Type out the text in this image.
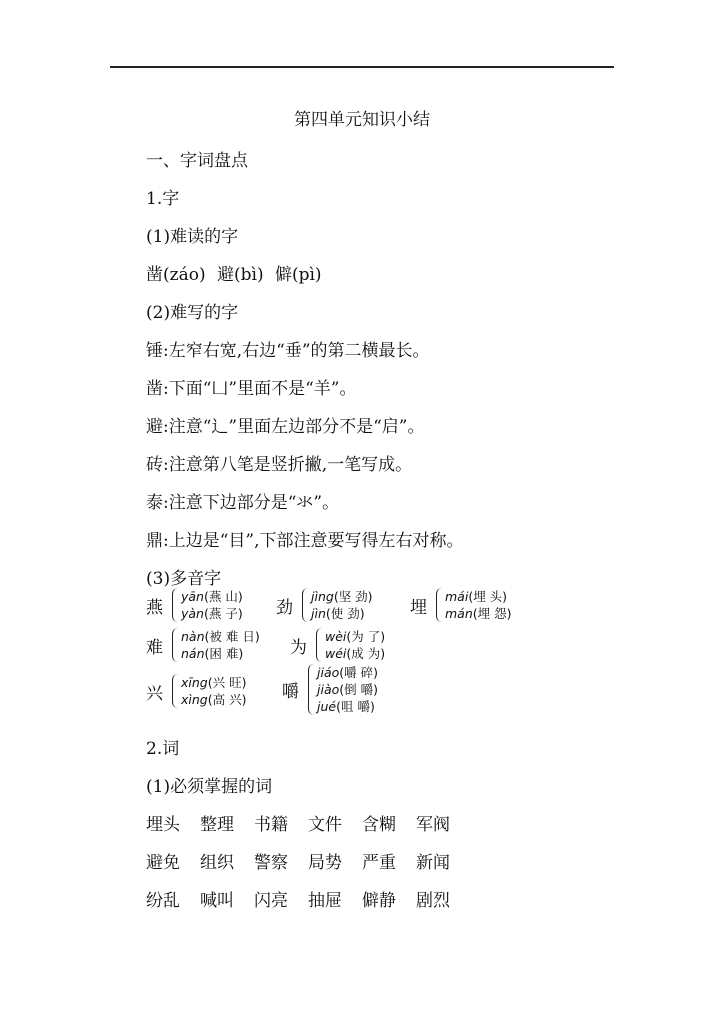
第四单元知识小结
一、字词盘点
1.字
(1)难读的字
凿(záo) 避(bì) 僻(pì)
(2)难写的字
锤:左窄右宽,右边“垂”的第二横最长。
凿:下面“凵”里面不是“羊”。
避:注意“辶”里面左边部分不是“启”。
砖:注意第八笔是竖折撇,一笔写成。
泰:注意下边部分是“氺”。
鼎:上边是“目”,下部注意要写得左右对称。
(3)多音字
燕
yān(燕 山)
yàn(燕 子) 劲
jìng(坚 劲)
jìn(使 劲)	埋
mái(埋 头)
mán(埋 怨)
难
nàn(被 难 日)
nán(困 难)	为
wèi(为 了)
wéi(成 为)
兴
xīng(兴 旺)
xìng(高 兴) 嚼
jiáo(嚼 碎)
jiào(倒 嚼)
jué(咀 嚼)
2.词
(1)必须掌握的词
埋头 整理 书籍 文件 含糊 军阀
避免 组织 警察 局势 严重 新闻
纷乱 喊叫 闪亮 抽屉 僻静 剧烈
